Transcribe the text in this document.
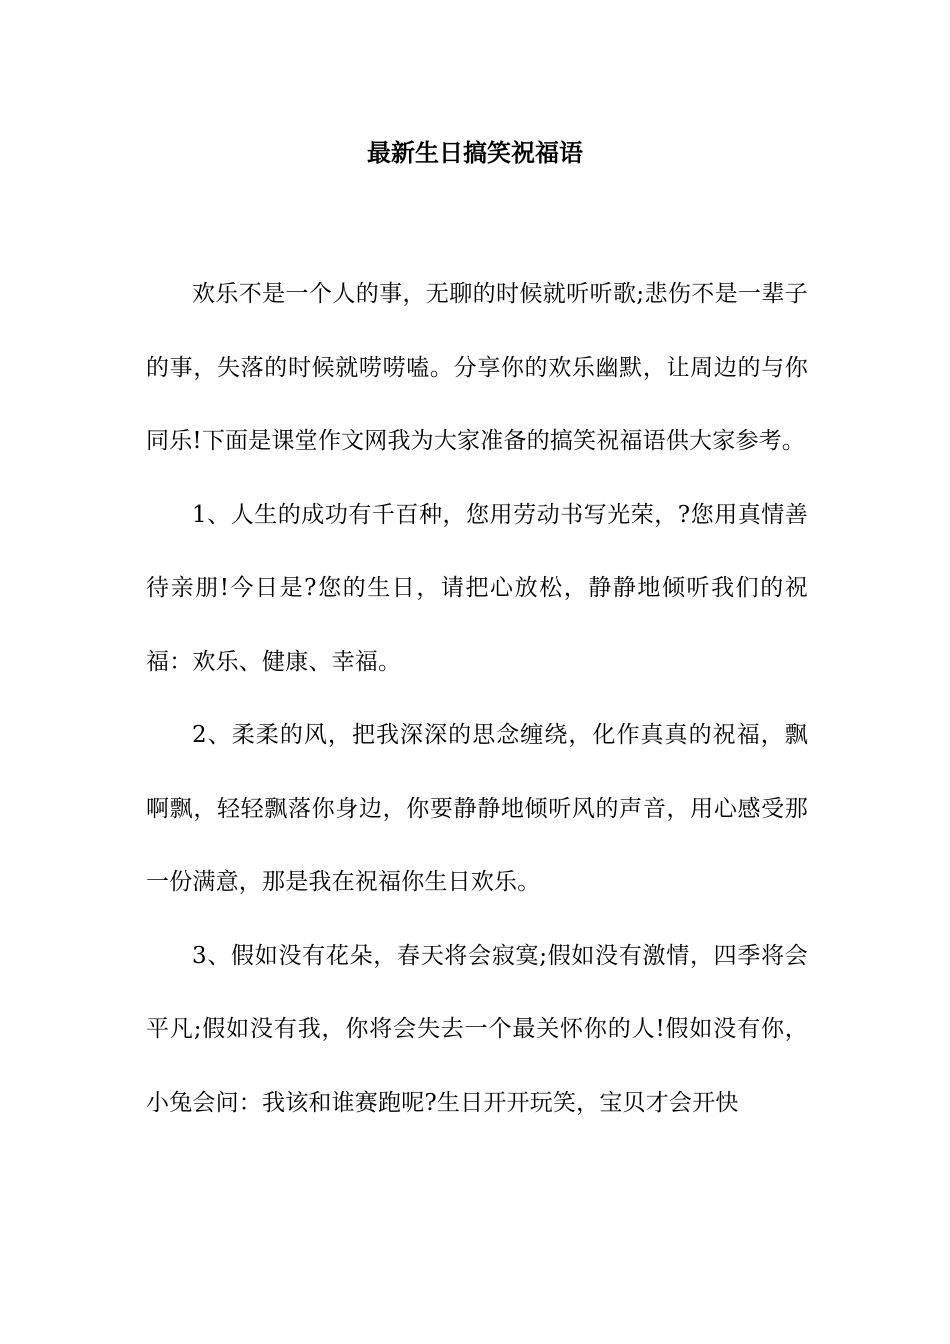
最新生日搞笑祝福语

欢乐不是一个人的事，无聊的时候就听听歌;悲伤不是一辈子的事，失落的时候就唠唠嗑。分享你的欢乐幽默，让周边的与你同乐!下面是课堂作文网我为大家准备的搞笑祝福语供大家参考。

1、人生的成功有千百种，您用劳动书写光荣，?您用真情善待亲朋!今日是?您的生日，请把心放松，静静地倾听我们的祝福：欢乐、健康、幸福。

2、柔柔的风，把我深深的思念缠绕，化作真真的祝福，飘啊飘，轻轻飘落你身边，你要静静地倾听风的声音，用心感受那一份满意，那是我在祝福你生日欢乐。

3、假如没有花朵，春天将会寂寞;假如没有激情，四季将会平凡;假如没有我，你将会失去一个最关怀你的人!假如没有你，小兔会问：我该和谁赛跑呢?生日开开玩笑，宝贝才会开快
